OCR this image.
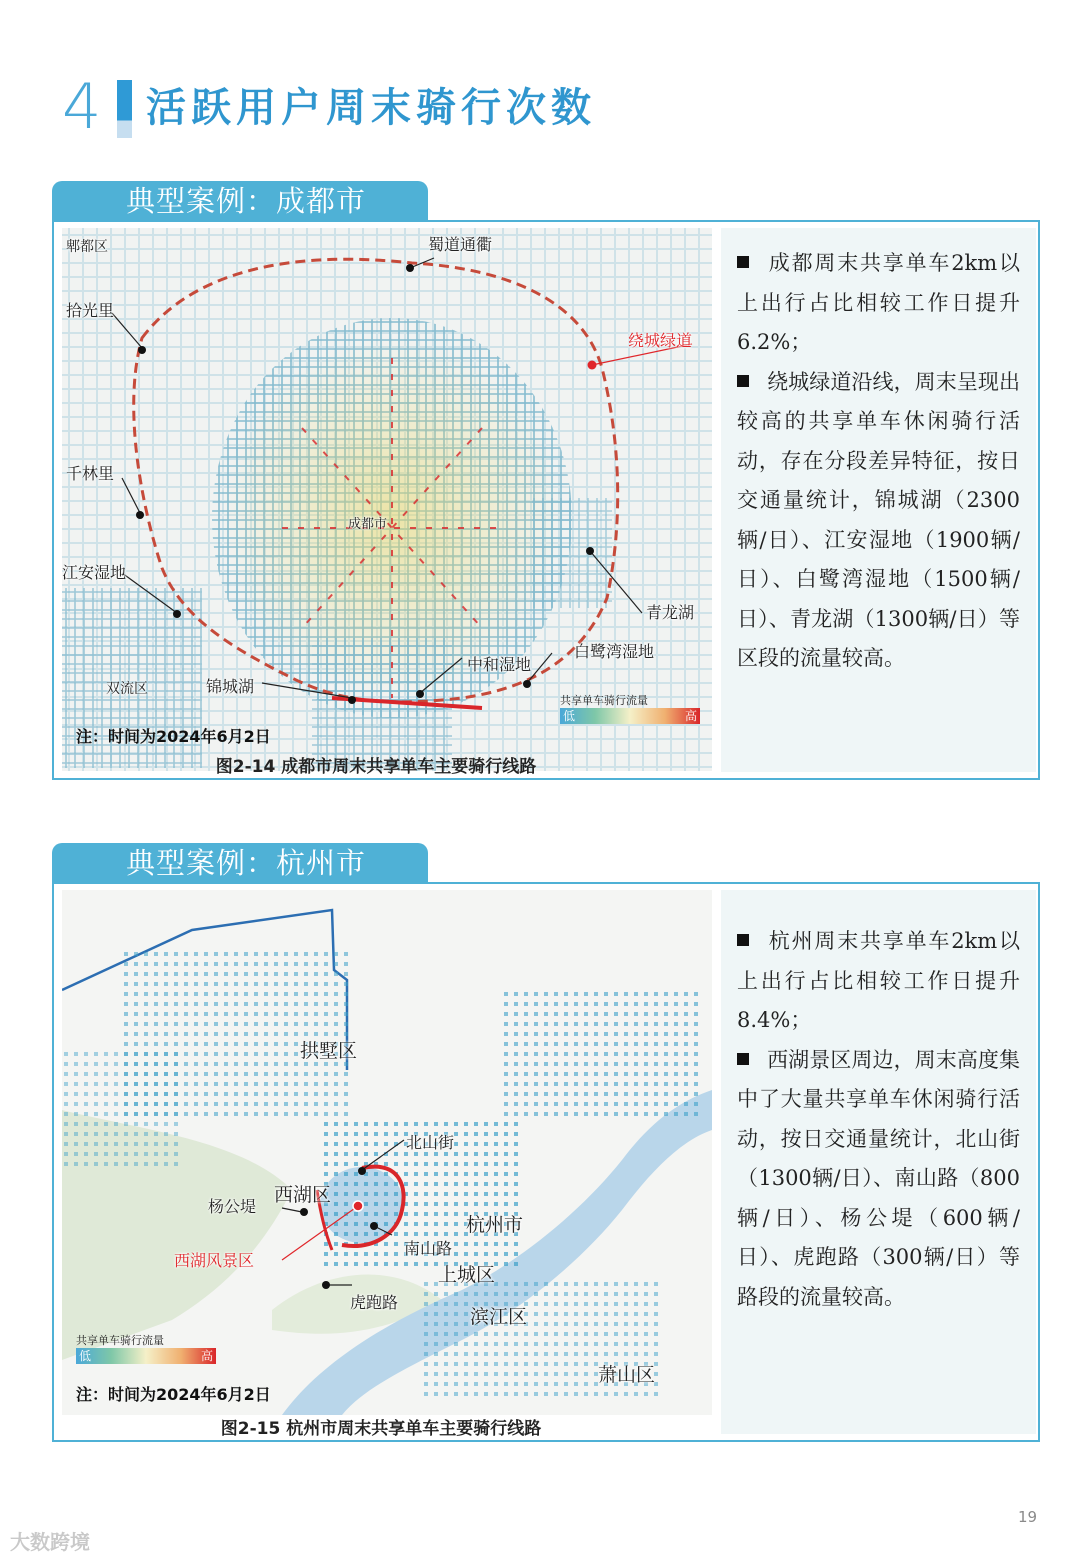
4 活跃用户周末骑行次数
典型案例：成都市
郫都区	蜀道通衢
拾光里
绕城绿道
千林里
成都市
江安湿地
青龙湖
白鹭湾湿地
中和湿地
双流区	锦城湖
共享单车骑行流量
低	高
注：时间为2024年6月2日
图2-14 成都市周末共享单车主要骑行线路

成都周末共享单车2km以上出行占比相较工作日提升6.2%；

绕城绿道沿线，周末呈现出较高的共享单车休闲骑行活动，存在分段差异特征，按日交通量统计，锦城湖（2300辆/日）、江安湿地（1900辆/日）、白鹭湾湿地（1500辆/日）、青龙湖（1300辆/日）等区段的流量较高。

典型案例：杭州市
拱墅区
北山街
西湖区
杨公堤
杭州市
南山路
西湖风景区
上城区
虎跑路
滨江区
萧山区
共享单车骑行流量
低	高
注：时间为2024年6月2日
图2-15 杭州市周末共享单车主要骑行线路

杭州周末共享单车2km以上出行占比相较工作日提升8.4%；

西湖景区周边，周末高度集中了大量共享单车休闲骑行活动，按日交通量统计，北山街（1300辆/日）、南山路（800辆/日）、杨公堤（600辆/日）、虎跑路（300辆/日）等路段的流量较高。

19
大数跨境
